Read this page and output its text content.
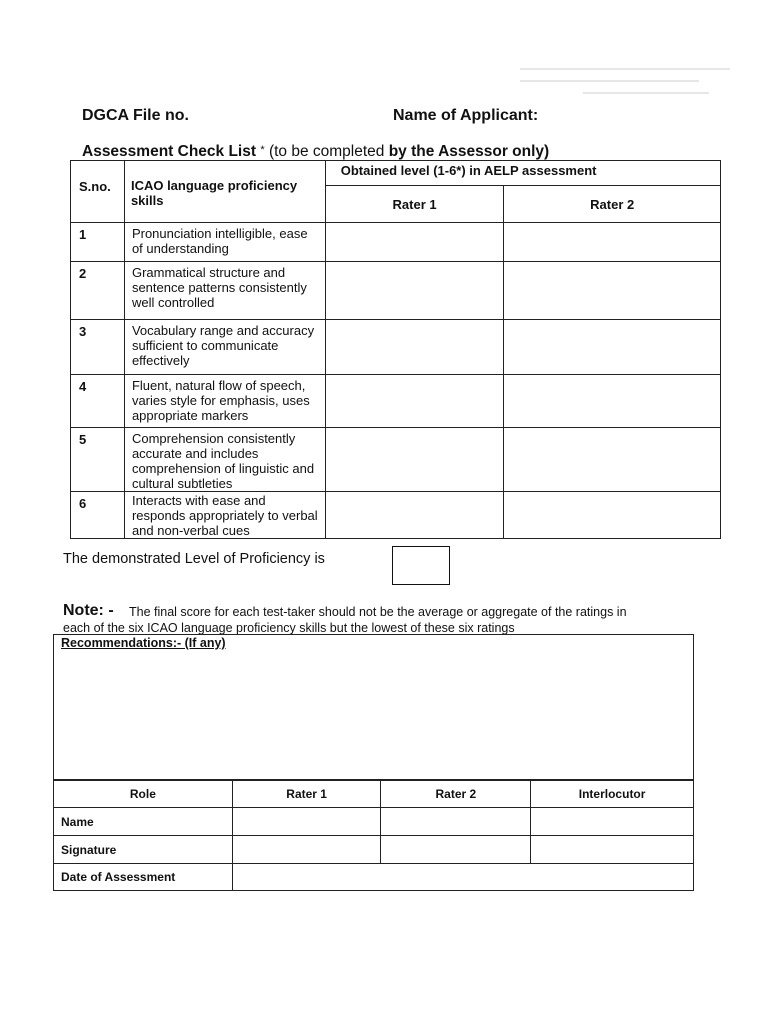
DGCA File no.	Name of Applicant:
Assessment Check List * (to be completed by the Assessor only)
S.no.	ICAO language proficiency skills	Obtained level (1-6*) in AELP assessment	
		Rater 1	Rater 2
1	Pronunciation intelligible, ease of understanding		
2	Grammatical structure and sentence patterns consistently well controlled		
3	Vocabulary range and accuracy sufficient to communicate effectively		
4	Fluent, natural flow of speech, varies style for emphasis, uses appropriate markers		
5	Comprehension consistently accurate and includes comprehension of linguistic and cultural subtleties		
6	Interacts with ease and responds appropriately to verbal and non-verbal cues		
The demonstrated Level of Proficiency is
Note: - The final score for each test-taker should not be the average or aggregate of the ratings in
each of the six ICAO language proficiency skills but the lowest of these six ratings
Recommendations:- (If any)
Role	Rater 1	Rater 2	Interlocutor
Name			
Signature			
Date of Assessment			
